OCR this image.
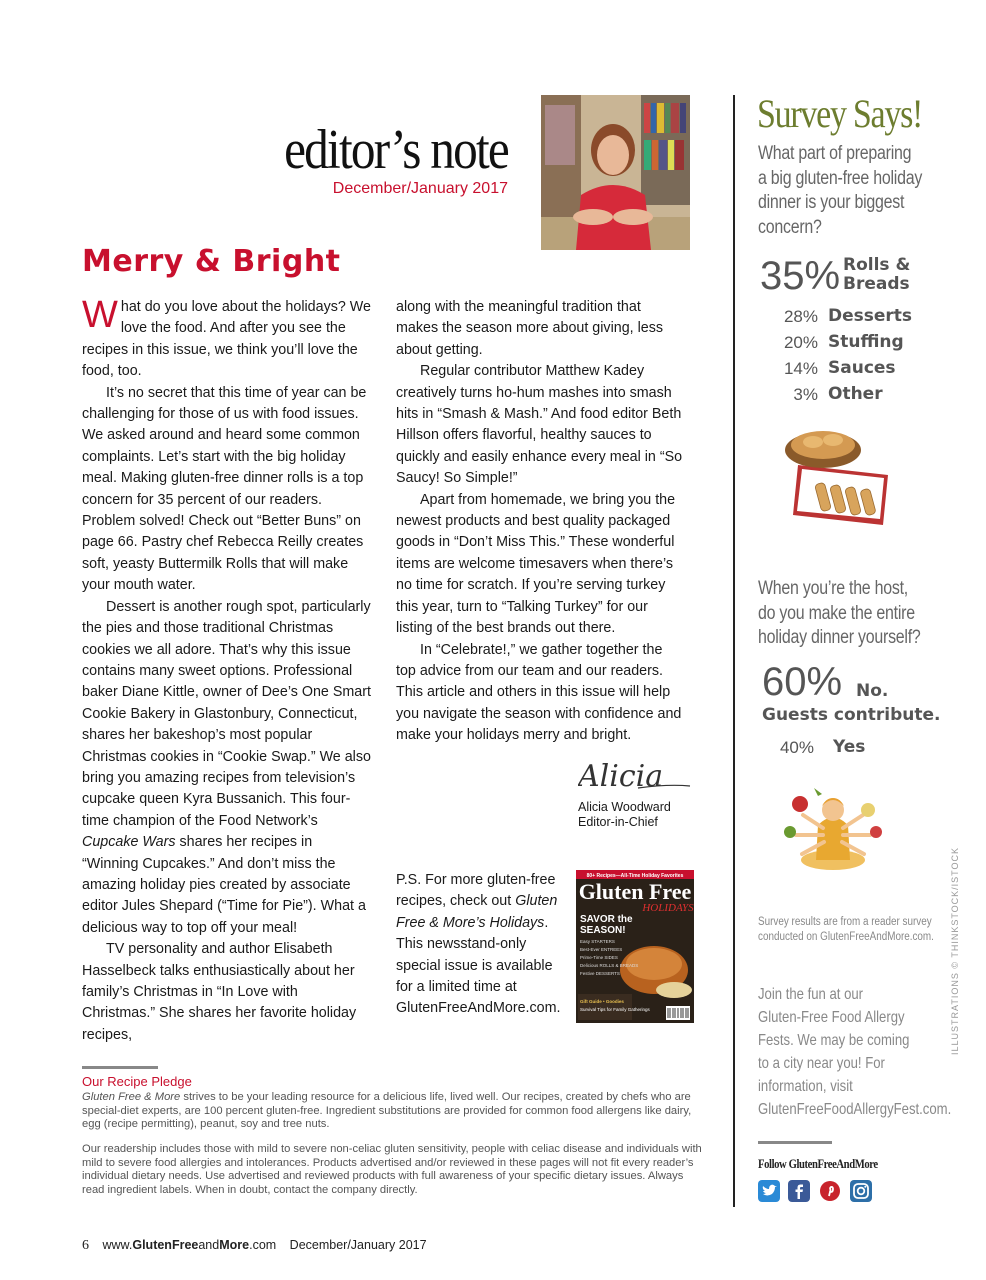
editor’s note
December/January 2017
Merry & Bright

What do you love about the holidays? We love the food. And after you see the recipes in this issue, we think you’ll love the food, too.

It’s no secret that this time of year can be challenging for those of us with food issues. We asked around and heard some common complaints. Let’s start with the big holiday meal. Making gluten-free dinner rolls is a top concern for 35 percent of our readers. Problem solved! Check out “Better Buns” on page 66. Pastry chef Rebecca Reilly creates soft, yeasty Buttermilk Rolls that will make your mouth water.

Dessert is another rough spot, particularly the pies and those traditional Christmas cookies we all adore. That’s why this issue contains many sweet options. Professional baker Diane Kittle, owner of Dee’s One Smart Cookie Bakery in Glastonbury, Connecticut, shares her bakeshop’s most popular Christmas cookies in “Cookie Swap.” We also bring you amazing recipes from television’s cupcake queen Kyra Bussanich. This four-time champion of the Food Network’s Cupcake Wars shares her recipes in “Winning Cupcakes.” And don’t miss the amazing holiday pies created by associate editor Jules Shepard (“Time for Pie”). What a delicious way to top off your meal!

TV personality and author Elisabeth Hasselbeck talks enthusiastically about her family’s Christmas in “In Love with Christmas.” She shares her favorite holiday recipes,

along with the meaningful tradition that makes the season more about giving, less about getting.

Regular contributor Matthew Kadey creatively turns ho-hum mashes into smash hits in “Smash & Mash.” And food editor Beth Hillson offers flavorful, healthy sauces to quickly and easily enhance every meal in “So Saucy! So Simple!”

Apart from homemade, we bring you the newest products and best quality packaged goods in “Don’t Miss This.” These wonderful items are welcome timesavers when there’s no time for scratch. If you’re serving turkey this year, turn to “Talking Turkey” for our listing of the best brands out there.

In “Celebrate!,” we gather together the top advice from our team and our readers. This article and others in this issue will help you navigate the season with confidence and make your holidays merry and bright.

Alicia
Alicia Woodward
Editor-in-Chief
P.S. For more gluten-free recipes, check out Gluten Free & More’s Holidays. This newsstand-only special issue is available for a limited time at GlutenFreeAndMore.com.
80+ Recipes—All-Time Holiday Favorites
Gluten Free
HOLIDAYS
SAVOR the
SEASON!
Easy STARTERS
Best-Ever ENTREES
Prime-Time SIDES
Delicious ROLLS & BREADS
Festive DESSERTS
Gift Guide • Goodies
Survival Tips for Family Gatherings
Our Recipe Pledge
Gluten Free & More strives to be your leading resource for a delicious life, lived well. Our recipes, created by chefs who are special-diet experts, are 100 percent gluten-free. Ingredient substitutions are provided for common food allergens like dairy, egg (recipe permitting), peanut, soy and tree nuts.
Our readership includes those with mild to severe non-celiac gluten sensitivity, people with celiac disease and individuals with mild to severe food allergies and intolerances. Products advertised and/or reviewed in these pages will not fit every reader’s individual dietary needs. Use advertised and reviewed products with full awareness of your specific dietary issues. Always read ingredient labels. When in doubt, contact the company directly.
6 www.GlutenFreeandMore.com December/January 2017
Survey Says!
What part of preparing
a big gluten-free holiday
dinner is your biggest
concern?
35% Rolls &
Breads
28% Desserts
20% Stuffing
14% Sauces
3% Other
When you’re the host,
do you make the entire
holiday dinner yourself?
60% No.
Guests contribute.
40% Yes
Survey results are from a reader survey
conducted on GlutenFreeAndMore.com.
Join the fun at our
Gluten-Free Food Allergy
Fests. We may be coming
to a city near you! For
information, visit
GlutenFreeFoodAllergyFest.com.
Follow GlutenFreeAndMore
ILLUSTRATIONS © THINKSTOCK/ISTOCK
